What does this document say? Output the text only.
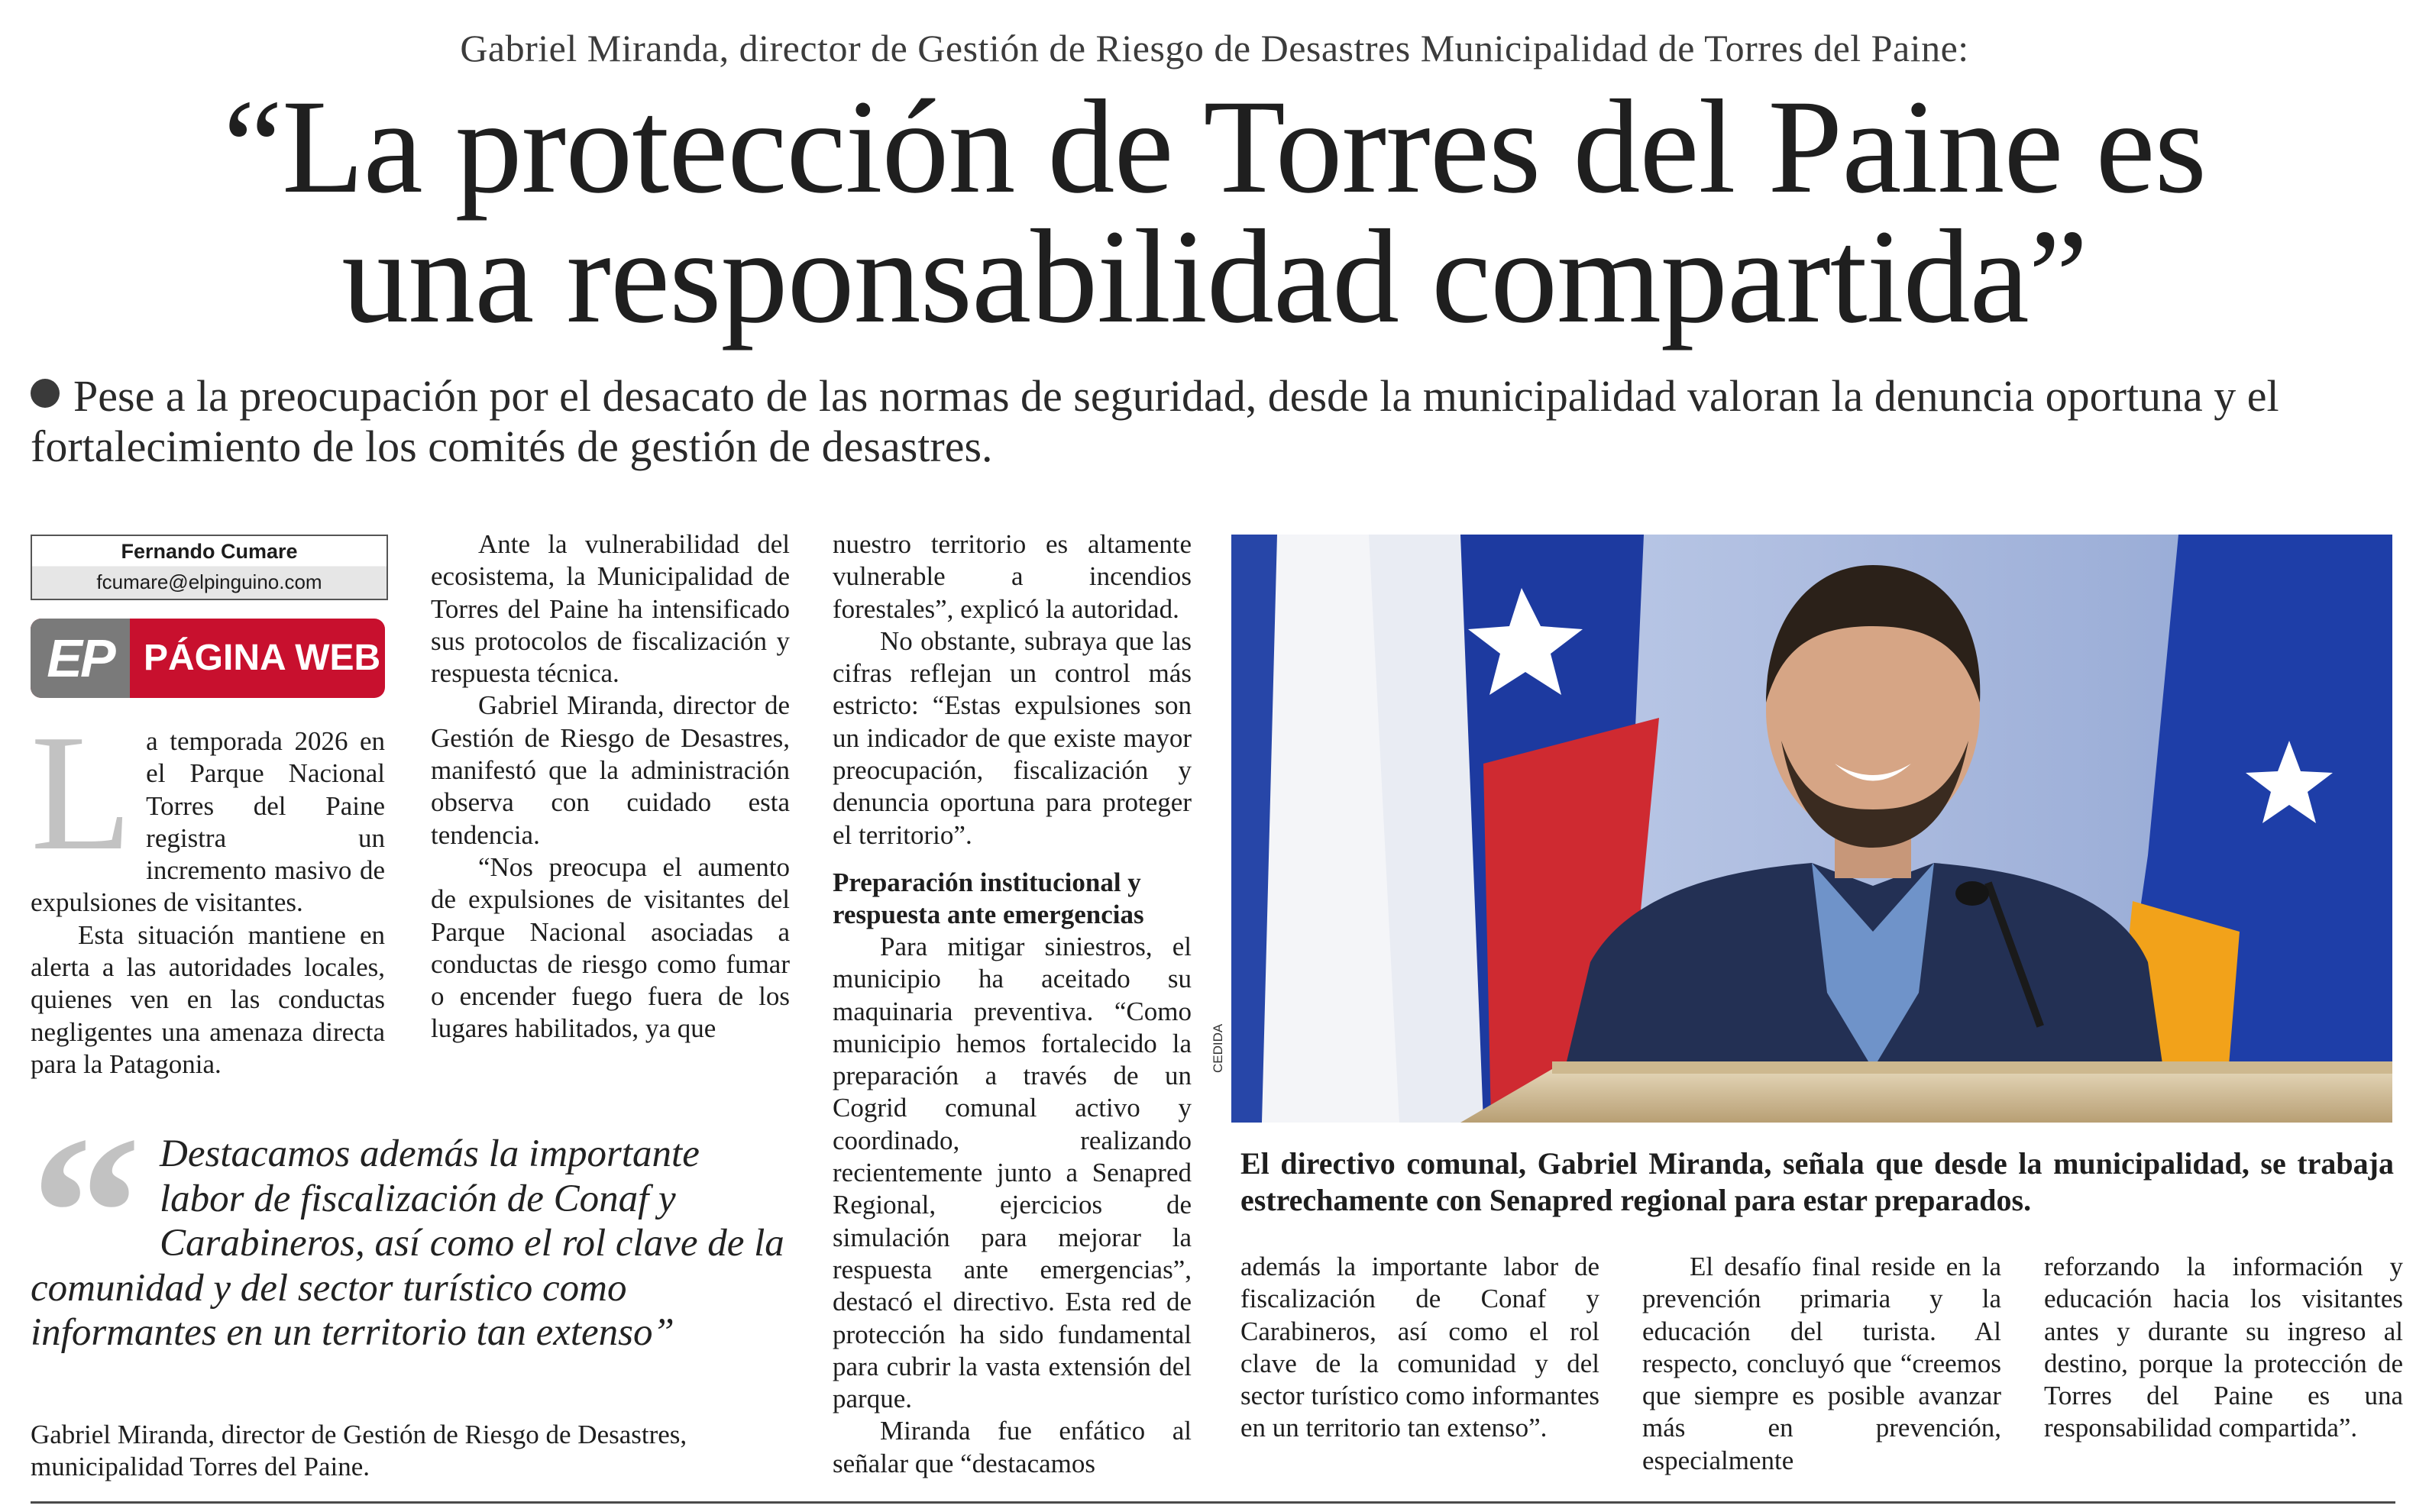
Gabriel Miranda, director de Gestión de Riesgo de Desastres Municipalidad de Torres del Paine:
“La protección de Torres del Paine es
una responsabilidad compartida”
Pese a la preocupación por el desacato de las normas de seguridad, desde la municipalidad valoran la denuncia oportuna y el fortalecimiento de los comités de gestión de desastres.
Fernando Cumare
fcumare@elpinguino.com
EP PÁGINA WEB
L a temporada 2026 en el Parque Nacional Torres del Paine registra un incremento masivo de expulsiones de visitantes.

Esta situación mantiene en alerta a las autoridades locales, quienes ven en las conductas negligentes una amenaza directa para la Patagonia.

Ante la vulnerabilidad del ecosistema, la Municipalidad de Torres del Paine ha intensificado sus protocolos de fiscalización y respuesta técnica.

Gabriel Miranda, director de Gestión de Riesgo de Desastres, manifestó que la administración observa con cuidado esta tendencia.

“Nos preocupa el aumento de expulsiones de visitantes del Parque Nacional asociadas a conductas de riesgo como fumar o encender fuego fuera de los lugares habilitados, ya que

nuestro territorio es altamente vulnerable a incendios forestales”, explicó la autoridad.

No obstante, subraya que las cifras reflejan un control más estricto: “Estas expulsiones son un indicador de que existe mayor preocupación, fiscalización y denuncia oportuna para proteger el territorio”.

Preparación institucional y respuesta ante emergencias

Para mitigar siniestros, el municipio ha aceitado su maquinaria preventiva. “Como municipio hemos fortalecido la preparación a través de un Cogrid comunal activo y coordinado, realizando recientemente junto a Senapred Regional, ejercicios de simulación para mejorar la respuesta ante emergencias”, destacó el directivo. Esta red de protección ha sido fundamental para cubrir la vasta extensión del parque.

Miranda fue enfático al señalar que “destacamos

“ Destacamos además la importante labor de fiscalización de Conaf y Carabineros, así como el rol clave de la comunidad y del sector turístico como informantes en un territorio tan extenso”
Gabriel Miranda, director de Gestión de Riesgo de Desastres, municipalidad Torres del Paine.
CEDIDA
El directivo comunal, Gabriel Miranda, señala que desde la municipalidad, se trabaja estrechamente con Senapred regional para estar preparados.

además la importante labor de fiscalización de Conaf y Carabineros, así como el rol clave de la comunidad y del sector turístico como informantes en un territorio tan extenso”.

El desafío final reside en la prevención primaria y la educación del turista. Al respecto, concluyó que “creemos que siempre es posible avanzar más en prevención, especialmente

reforzando la información y educación hacia los visitantes antes y durante su ingreso al destino, porque la protección de Torres del Paine es una responsabilidad compartida”.
